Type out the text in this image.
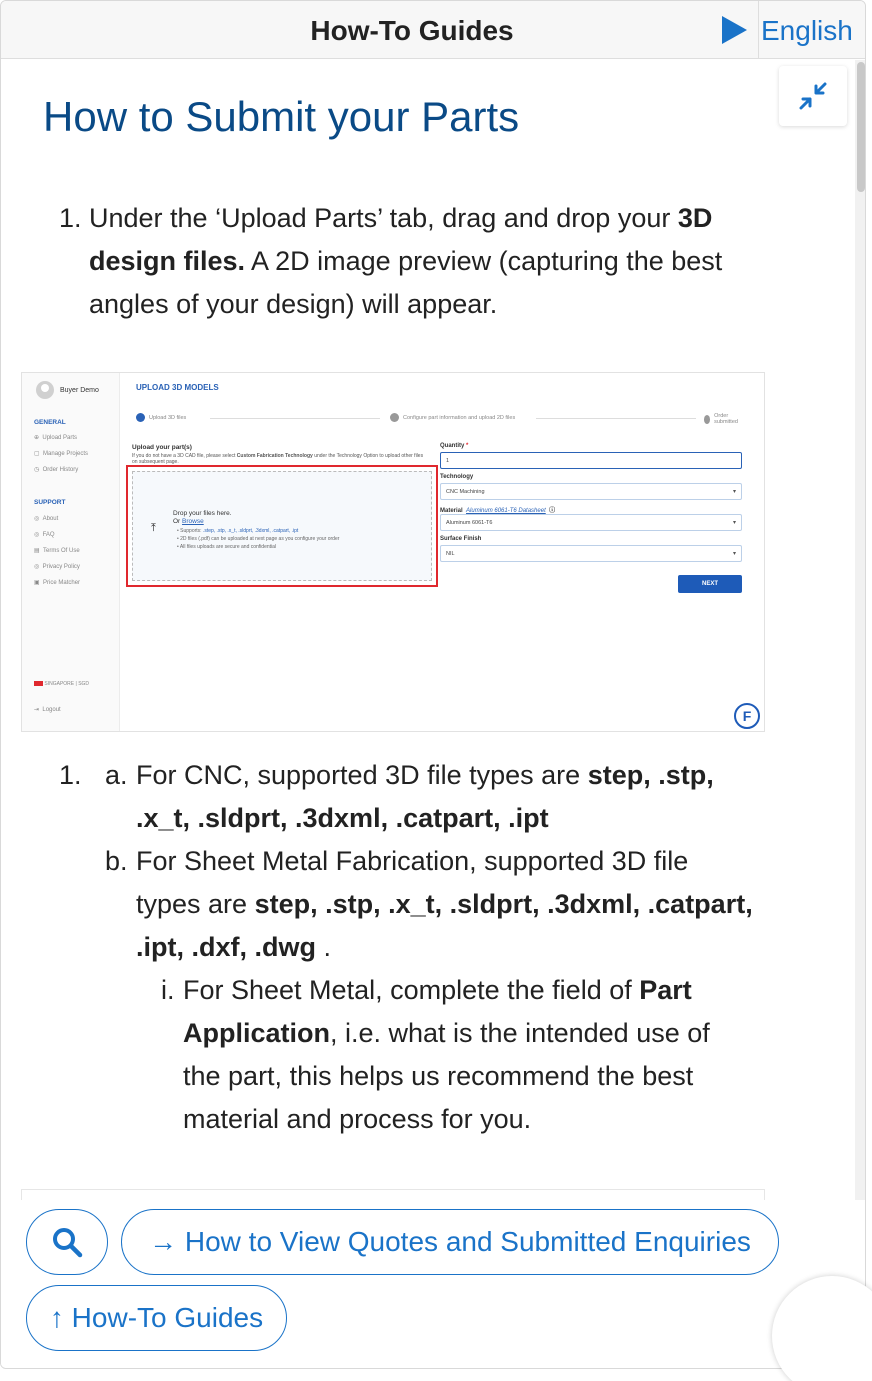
How-To Guides	English
How to Submit your Parts
1. Under the ‘Upload Parts’ tab, drag and drop your 3D design files. A 2D image preview (capturing the best angles of your design) will appear.
Buyer Demo
GENERAL
⊕  Upload Parts
▢  Manage Projects
◷  Order History
SUPPORT
◎  About
◎  FAQ
▤  Terms Of Use
◎  Privacy Policy
▣  Price Matcher
SINGAPORE | SGD
⇥  Logout
UPLOAD 3D MODELS
Upload 3D files	Configure part information and upload 2D files	Order submitted
Upload your part(s)
If you do not have a 3D CAD file, please select Custom Fabrication Technology under the Technology Option to upload other files on subsequent page.
⤒
Drop your files here.
Or Browse
• Supports: .step, .stp, .x_t, .sldprt, .3dxml, .catpart, .ipt
• 2D files (.pdf) can be uploaded at next page as you configure your order
• All files uploads are secure and confidential
Quantity *
1
Technology
CNC Machining	▾
Material Aluminum 6061-T6 Datasheet  ⓘ
Aluminum 6061-T6	▾
Surface Finish
NIL	▾
NEXT
F
1. a. For CNC, supported 3D file types are step, .stp, .x_t, .sldprt, .3dxml, .catpart, .ipt
b. For Sheet Metal Fabrication, supported 3D file types are step, .stp, .x_t, .sldprt, .3dxml, .catpart, .ipt, .dxf, .dwg .
i. For Sheet Metal, complete the field of Part Application, i.e. what is the intended use of the part, this helps us recommend the best material and process for you.
→ How to View Quotes and Submitted Enquiries
↑ How-To Guides
